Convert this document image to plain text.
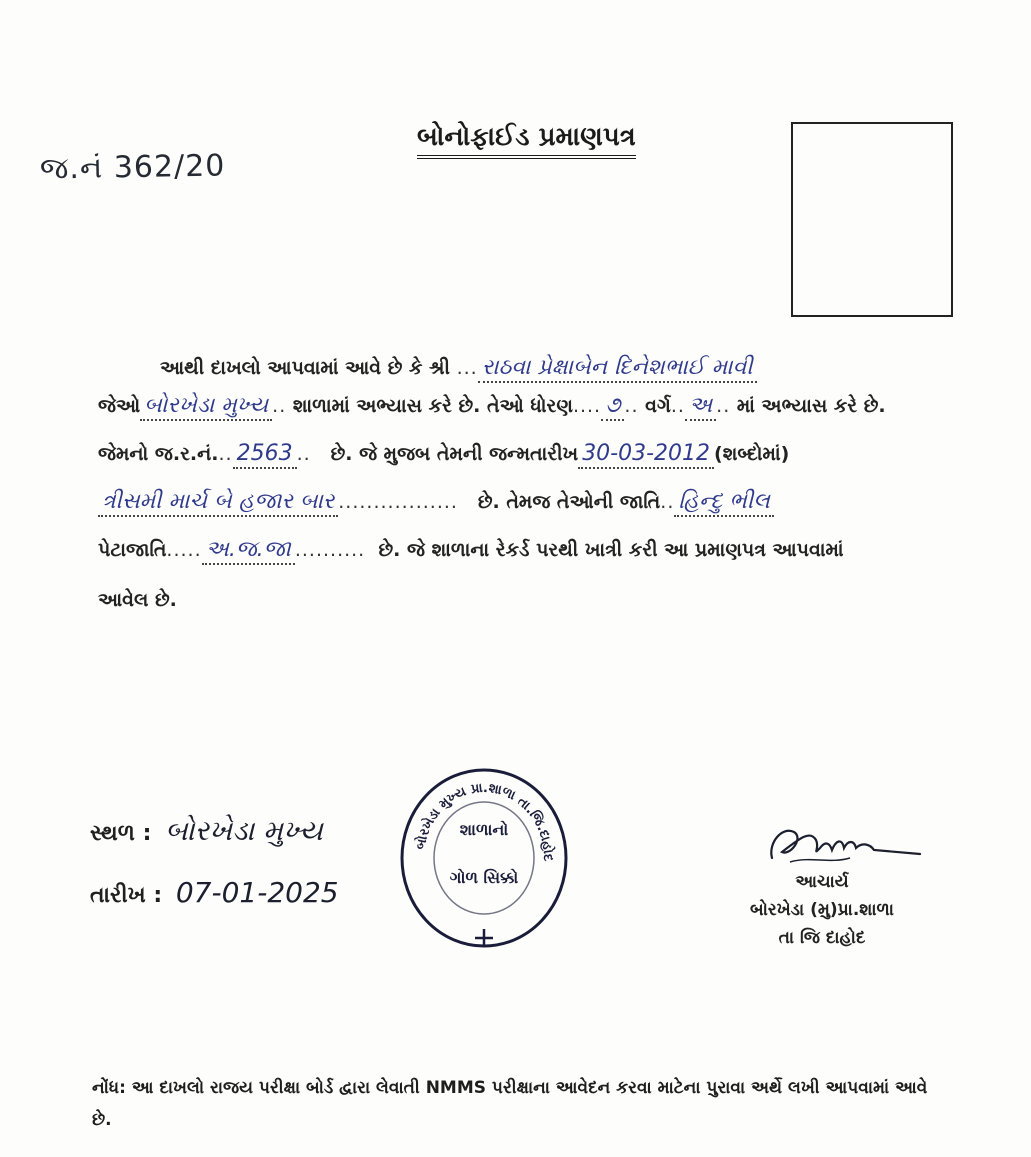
જ.નં 362/20
બોનોફાઈડ પ્રમાણપત્ર
આથી દાખલો આપવામાં આવે છે કે શ્રી ... રાઠવા પ્રેક્ષાબેન દિનેશભાઈ માવી
જેઓ બોરખેડા મુખ્ય .. શાળામાં અભ્યાસ કરે છે. તેઓ ધોરણ.... ૭ .. વર્ગ.. અ .. માં અભ્યાસ કરે છે.
જેમનો જ.ર.નં... 2563 .. છે. જે મુજબ તેમની જન્મતારીખ 30-03-2012 (શબ્દોમાં)
ત્રીસમી માર્ચ બે હજાર બાર ................. છે. તેમજ તેઓની જાતિ.. હિન્દુ ભીલ
પેટાજાતિ..... અ.જ.જા .......... છે. જે શાળાના રેકર્ડ પરથી ખાત્રી કરી આ પ્રમાણપત્ર આપવામાં
આવેલ છે.
સ્થળ : બોરખેડા મુખ્ય
તારીખ : 07-01-2025
બોરખેડા મુખ્ય પ્રા.શાળા તા.જિ.દાહોદ
શાળાનો
ગોળ સિક્કો	આચાર્ય
બોરખેડા (મુ)પ્રા.શાળા
તા જિ દાહોદ
નોંધ: આ દાખલો રાજય પરીક્ષા બોર્ડ દ્વારા લેવાતી NMMS પરીક્ષાના આવેદન કરવા માટેના પુરાવા અર્થે લખી આપવામાં આવે છે.
